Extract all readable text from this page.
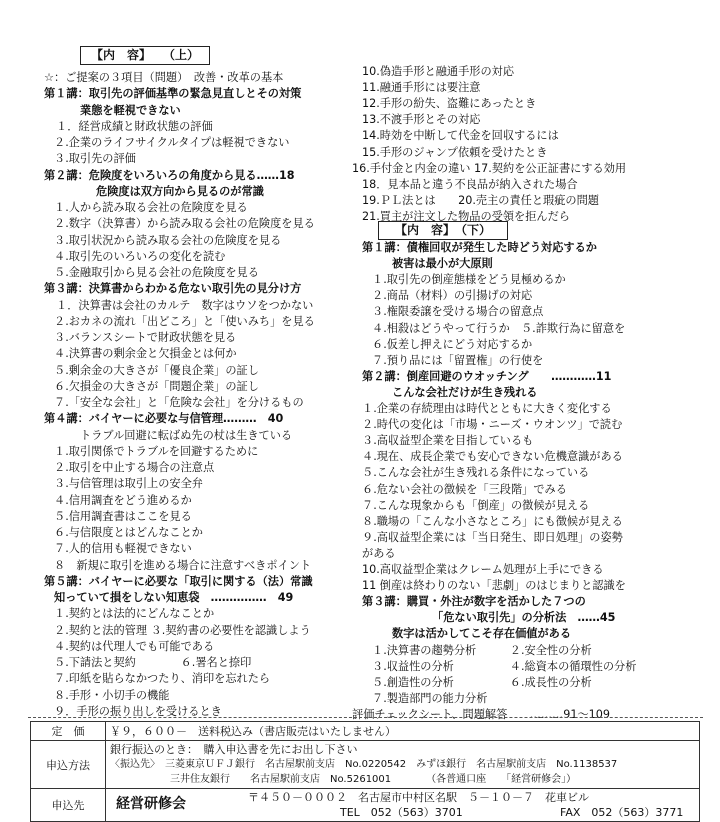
【内　容】　　（上）
☆：ご提案の３項目（問題）　改善・改革の基本
第１講：取引先の評価基準の緊急見直しとその対策
業態を軽視できない
１．経営成績と財政状態の評価
２.企業のライフサイクルタイプは軽視できない
３.取引先の評価
第２講：危険度をいろいろの角度から見る……18
危険度は双方向から見るのが常識
１.人から読み取る会社の危険度を見る
２.数字（決算書）から読み取る会社の危険度を見る
３.取引状況から読み取る会社の危険度を見る
４.取引先のいろいろの変化を読む
５.金融取引から見る会社の危険度を見る
第３講：決算書からわかる危ない取引先の見分け方
１．決算書は会社のカルテ　数字はウソをつかない
２.おカネの流れ「出どころ」と「使いみち」を見る
３.バランスシートで財政状態を見る
４.決算書の剰余金と欠損金とは何か
５.剰余金の大きさが「優良企業」の証し
６.欠損金の大きさが「問題企業」の証し
７.「安全な会社」と「危険な会社」を分けるもの
第４講：バイヤーに必要な与信管理………　40
トラブル回避に転ばぬ先の杖は生きている
１.取引関係でトラブルを回避するために
２.取引を中止する場合の注意点
３.与信管理は取引上の安全弁
４.信用調査をどう進めるか
５.信用調査書はここを見る
６.与信限度とはどんなことか
７.人的信用も軽視できない
８　新規に取引を進める場合に注意すべきポイント
第５講：バイヤーに必要な「取引に関する（法）常識
知っていて損をしない知恵袋　……………　49
１.契約とは法的にどんなことか
２.契約と法的管理 ３.契約書の必要性を認識しよう
４.契約は代理人でも可能である
５.下請法と契約　　　　６.署名と捺印
７.印紙を貼らなかつたり、消印を忘れたら
８.手形・小切手の機能
９．手形の振り出しを受けるとき
10.偽造手形と融通手形の対応
11.融通手形には要注意
12.手形の紛失、盗難にあったとき
13.不渡手形とその対応
14.時効を中断して代金を回収するには
15.手形のジャンプ依頼を受けたとき
16.手付金と内金の違い 17.契約を公正証書にする効用
18．見本品と違う不良品が納入された場合
19.ＰＬ法とは　　20.売主の責任と瑕疵の問題
21.買主が注文した物品の受領を拒んだら
【内　容】　（下）
第１講：債権回収が発生した時どう対応するか
被害は最小が大原則
１.取引先の倒産態様をどう見極めるか
２.商品（材料）の引揚げの対応
３.権限委譲を受ける場合の留意点
４.相殺はどうやって行うか　５.詐欺行為に留意を
６.仮差し押えにどう対応するか
７.預り品には「留置権」の行使を
第２講：倒産回避のウオッチング　　…………11
こんな会社だけが生き残れる
１.企業の存続理由は時代とともに大きく変化する
２.時代の変化は「市場・ニーズ・ウオンツ」で読む
３.高収益型企業を目指しているも
４.現在、成長企業でも安心できない危機意識がある
５.こんな会社が生き残れる条件になっている
６.危ない会社の徴候を「三段階」でみる
７.こんな現象からも「倒産」の徴候が見える
８.職場の「こんな小さなところ」にも徴候が見える
９.高収益型企業には「当日発生、即日処理」の姿勢
がある
10.高収益型企業はクレーム処理が上手にできる
11 倒産は終わりのない「悲劇」のはじまりと認識を
第３講：購買・外注が数字を活かした７つの
「危ない取引先」の分析法　……45
数字は活かしてこそ存在価値がある
１.決算書の趨勢分析　　　２.安全性の分析
３.収益性の分析　　　　　４.総資本の循環性の分析
５.創造性の分析　　　　　６.成長性の分析
７.製造部門の能力分析
評価チェックシート、問題解答　　………91～109
定　価	￥９，６００－　送料税込み（書店販売はいたしません）
申込方法	銀行振込のとき：　購入申込書を先にお出し下さい
〈振込先〉　三菱東京ＵＦＪ銀行　名古屋駅前支店　No.0220542　みずほ銀行　名古屋駅前支店　No.1138537
　　　　　　三井住友銀行　　名古屋駅前支店　No.5261001　　　　（各普通口座　　「経営研修会」）

申込先	経営研修会 〒４５０－０００２　名古屋市中村区名駅　５－１０－７　花車ビル
TEL　052（563）3701 FAX　052（563）3771
